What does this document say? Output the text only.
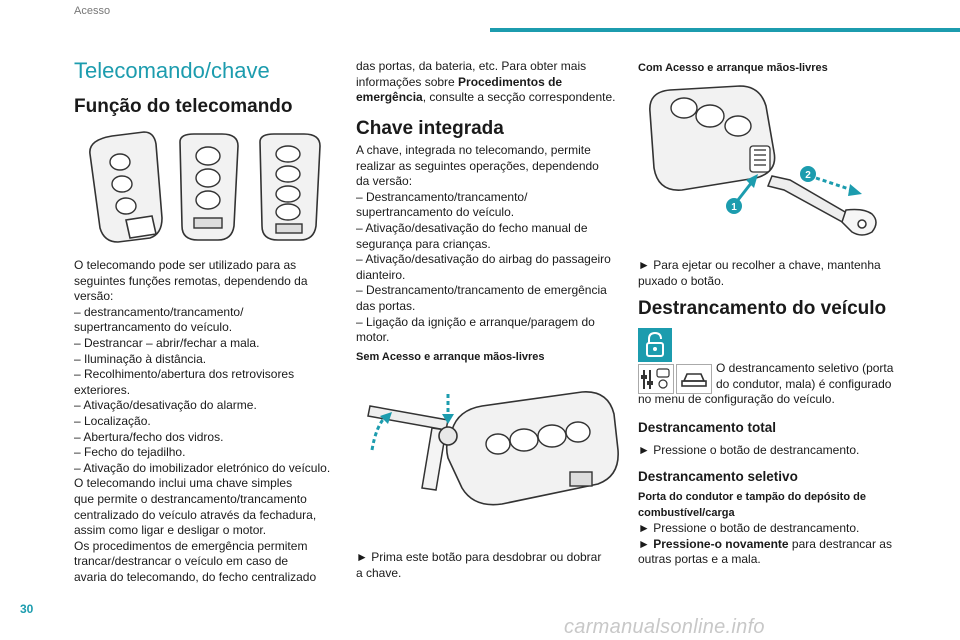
Acesso
Telecomando/chave
Função do telecomando

O telecomando pode ser utilizado para as

seguintes funções remotas, dependendo da

versão:

– destrancamento/trancamento/

supertrancamento do veículo.

– Destrancar – abrir/fechar a mala.

– Iluminação à distância.

– Recolhimento/abertura dos retrovisores

exteriores.

– Ativação/desativação do alarme.

– Localização.

– Abertura/fecho dos vidros.

– Fecho do tejadilho.

– Ativação do imobilizador eletrónico do veículo.

O telecomando inclui uma chave simples

que permite o destrancamento/trancamento

centralizado do veículo através da fechadura,

assim como ligar e desligar o motor.

Os procedimentos de emergência permitem

trancar/destrancar o veículo em caso de

avaria do telecomando, do fecho centralizado

das portas, da bateria, etc. Para obter mais

informações sobre Procedimentos de

emergência, consulte a secção correspondente.

Chave integrada

A chave, integrada no telecomando, permite

realizar as seguintes operações, dependendo

da versão:

– Destrancamento/trancamento/

supertrancamento do veículo.

– Ativação/desativação do fecho manual de

segurança para crianças.

– Ativação/desativação do airbag do passageiro

dianteiro.

– Destrancamento/trancamento de emergência

das portas.

– Ligação da ignição e arranque/paragem do

motor.

Sem Acesso e arranque mãos-livres

► Prima este botão para desdobrar ou dobrar

a chave.

Com Acesso e arranque mãos-livres
1
2

► Para ejetar ou recolher a chave, mantenha

puxado o botão.

Destrancamento do veículo

O destrancamento seletivo (porta

do condutor, mala) é configurado

no menu de configuração do veículo.

Destrancamento total

► Pressione o botão de destrancamento.

Destrancamento seletivo

Porta do condutor e tampão do depósito de

combustível/carga

► Pressione o botão de destrancamento.

► Pressione-o novamente para destrancar as

outras portas e a mala.

30
carmanualsonline.info
